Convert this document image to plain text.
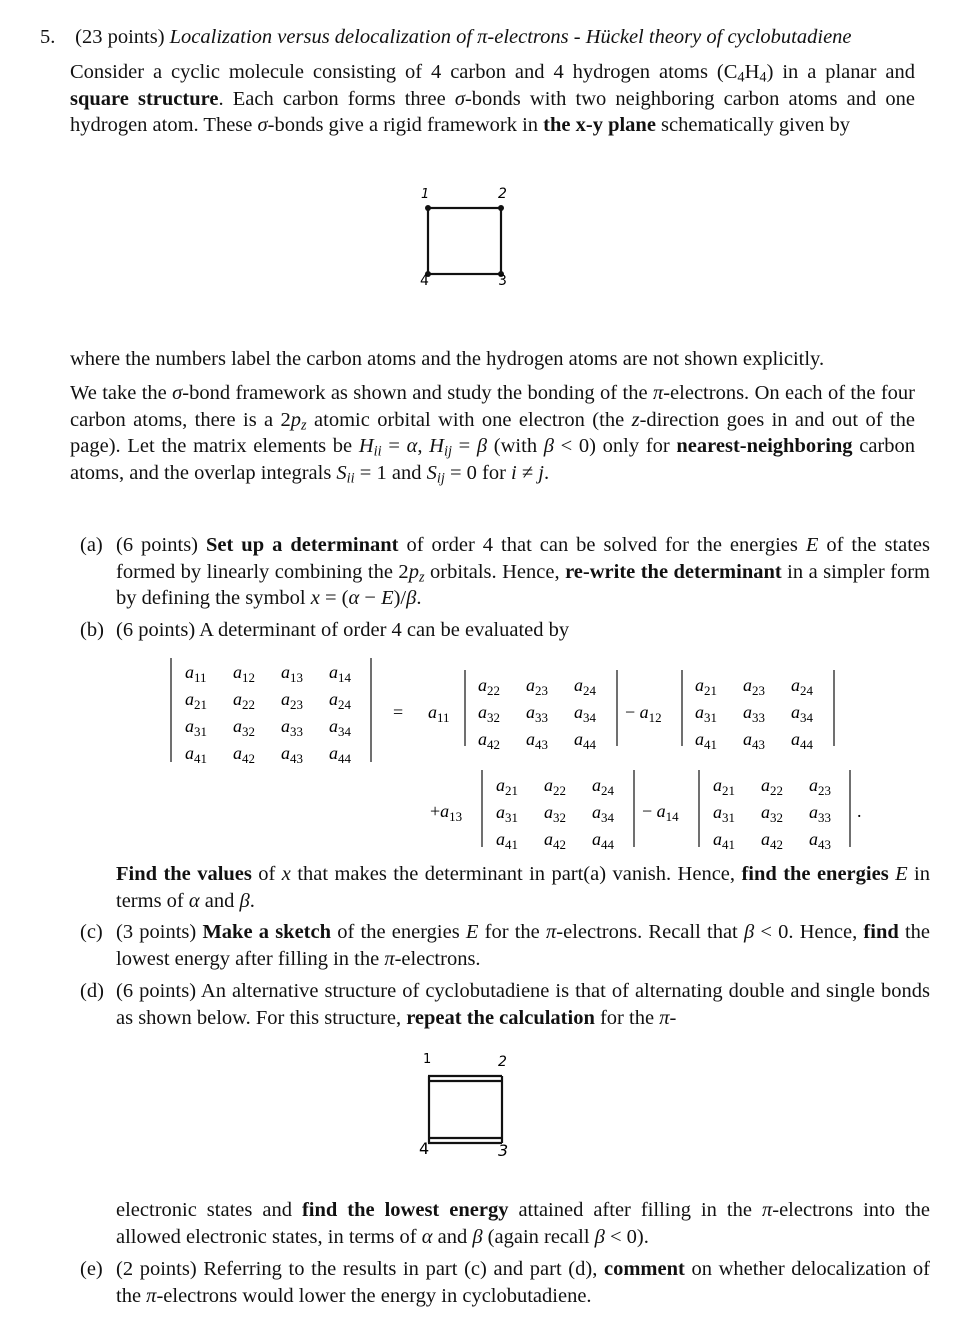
5. (23 points) Localization versus delocalization of π-electrons - Hückel theory of cyclobutadiene

Consider a cyclic molecule consisting of 4 carbon and 4 hydrogen atoms $(C_4H_4)$ in a planar and square structure. Each carbon forms three σ-bonds with two neighboring carbon atoms and one hydrogen atom. These σ-bonds give a rigid framework in the x-y plane schematically given by

1	2
3
4

where the numbers label the carbon atoms and the hydrogen atoms are not shown explicitly.

We take the σ-bond framework as shown and study the bonding of the π-electrons. On each of the four carbon atoms, there is a $2p_z$ atomic orbital with one electron (the z-direction goes in and out of the page). Let the matrix elements be $H_{ii} = \alpha$, $H_{ij} = \beta$ (with β < 0) only for nearest-neighboring carbon atoms, and the overlap integrals $S_{ii} = 1$ and $S_{ij} = 0$ for i ≠ j.

(a) (6 points) Set up a determinant of order 4 that can be solved for the energies E of the states formed by linearly combining the $2p_z$ orbitals. Hence, re-write the determinant in a simpler form by defining the symbol x = (α − E)/β.

(b) (6 points) A determinant of order 4 can be evaluated by

$a_{11}$ $a_{12}$ $a_{13}$ $a_{14}$
$a_{21}$ $a_{22}$ $a_{23}$ $a_{24}$
$a_{31}$ $a_{32}$ $a_{33}$ $a_{34}$
$a_{41}$ $a_{42}$ $a_{43}$ $a_{44}$
= $a_{11}$
$a_{22}$ $a_{23}$ $a_{24}$
$a_{32}$ $a_{33}$ $a_{34}$
$a_{42}$ $a_{43}$ $a_{44}$
− $a_{12}$
$a_{21}$ $a_{23}$ $a_{24}$
$a_{31}$ $a_{33}$ $a_{34}$
$a_{41}$ $a_{43}$ $a_{44}$
$+a_{13}$
$a_{21}$ $a_{22}$ $a_{24}$
$a_{31}$ $a_{32}$ $a_{34}$
$a_{41}$ $a_{42}$ $a_{44}$
− $a_{14}$
$a_{21}$ $a_{22}$ $a_{23}$
$a_{31}$ $a_{32}$ $a_{33}$
$a_{41}$ $a_{42}$ $a_{43}$
.

Find the values of x that makes the determinant in part(a) vanish. Hence, find the energies E in terms of α and β.

(c) (3 points) Make a sketch of the energies E for the π-electrons. Recall that β < 0. Hence, find the lowest energy after filling in the π-electrons.

(d) (6 points) An alternative structure of cyclobutadiene is that of alternating double and single bonds as shown below. For this structure, repeat the calculation for the π-

1	2
3
4

electronic states and find the lowest energy attained after filling in the π-electrons into the allowed electronic states, in terms of α and β (again recall β < 0).

(e) (2 points) Referring to the results in part (c) and part (d), comment on whether delocalization of the π-electrons would lower the energy in cyclobutadiene.
